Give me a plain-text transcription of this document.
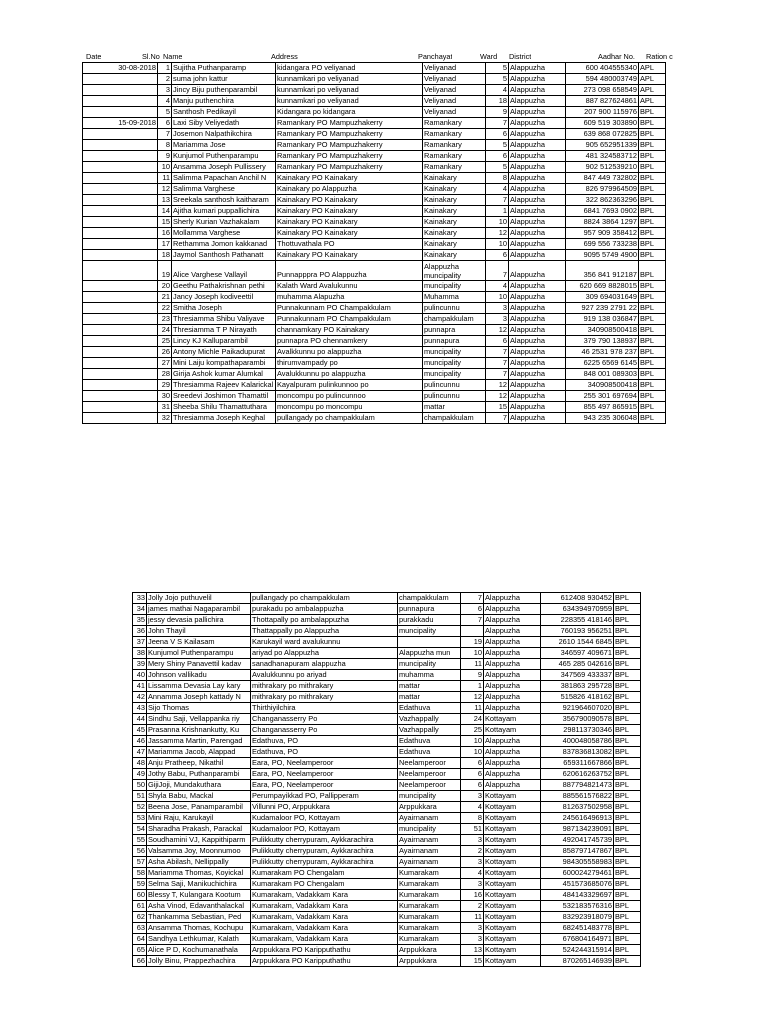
Date	Sl.No Name	Address	Panchayat	Ward District	Aadhar No. Ration c
30-08-2018	1	Sujitha Puthanparamp	kidangara PO veliyanad	Veliyanad	5	Alappuzha	600 404555340	APL
	2	suma john kattur	kunnamkari po veliyanad	Veliyanad	5	Alappuzha	594 480003749	APL
	3	Jincy Biju puthenparambil	kunnamkari po veliyanad	Veliyanad	4	Alappuzha	273 098 658549	APL
	4	Manju puthenchira	kunnamkari po veliyanad	Veliyanad	18	Alappuzha	887 827624861	APL
	5	Santhosh Pedikayil	Kidangara po kidangara	Veliyanad	9	Alappuzha	207 900 115976	BPL
15-09-2018	6	Laxi Siby Veliyedath	Ramankary PO Mampuzhakerry	Ramankary	7	Alappuzha	609 519 303890	BPL
	7	Josemon Nalpathikchira	Ramankary PO Mampuzhakerry	Ramankary	6	Alappuzha	639 868 072825	BPL
	8	Mariamma Jose	Ramankary PO Mampuzhakerry	Ramankary	5	Alappuzha	905 652951339	BPL
	9	Kunjumol Puthenparampu	Ramankary PO Mampuzhakerry	Ramankary	6	Alappuzha	481 324583712	BPL
	10	Ansamma Joseph Pullissery	Ramankary PO Mampuzhakerry	Ramankary	5	Alappuzha	902 512539210	BPL
	11	Salimma Papachan Anchil N	Kainakary PO Kainakary	Kainakary	8	Alappuzha	847 449 732802	BPL
	12	Salimma Varghese	Kainakary po Alappuzha	Kainakary	4	Alappuzha	826 979964509	BPL
	13	Sreekala santhosh kaitharam	Kainakary PO Kainakary	Kainakary	7	Alappuzha	322 862363296	BPL
	14	Ajitha kumari puppallichira	Kainakary PO Kainakary	Kainakary	1	Alappuzha	6841 7693 0902	BPL
	15	Sherly Kurian Vazhakalam	Kainakary PO Kainakary	Kainakary	10	Alappuzha	8824 3864 1297	BPL
	16	Mollamma Varghese	Kainakary PO Kainakary	Kainakary	12	Alappuzha	957 909 358412	BPL
	17	Rethamma Jomon kakkanad	Thottuvathala PO	Kainakary	10	Alappuzha	699 556 733238	BPL
	18	Jaymol Santhosh Pathanatt	Kainakary PO Kainakary	Kainakary	6	Alappuzha	9095 5749 4900	BPL
	19	Alice Varghese Vallayil	Punnapppra PO Alappuzha	Alappuzha muncipality	7	Alappuzha	356 841 912187	BPL
	20	Geethu Pathakrishnan pethi	Kalath Ward Avalukunnu	muncipality	4	Alappuzha	620 669 8828015	BPL
	21	Jancy Joseph kodiveettil	muhamma Alapuzha	Muhamma	10	Alappuzha	309 694031649	BPL
	22	Smitha Joseph	Punnakunnam PO Champakkulam	pulincunnu	3	Alappuzha	927 239 2791 22	BPL
	23	Thresiamma Shibu Valiyave	Punnakunnam PO Champakkulam	champakkulam	3	Alappuzha	919 138 036847	BPL
	24	Thresiamma T P Nirayath	channamkary PO Kainakary	punnapra	12	Alappuzha	340908500418	BPL
	25	Lincy KJ Kalluparambil	punnapra PO chennamkery	punnapura	6	Alappuzha	379 790 138937	BPL
	26	Antony Michle Paikadupurat	Avalkkunnu po alappuzha	muncipality	7	Alappuzha	46 2531 978 237	BPL
	27	Mini Laiju kompathaparambi	thirumvampady po	muncipality	7	Alappuzha	6225 6569 6145	BPL
	28	Girija Ashok kumar Alumkal	Avalukkunnu po alappuzha	muncipality	7	Alappuzha	848 001 089303	BPL
	29	Thresiamma Rajeev Kalarickal	Kayalpuram pulinkunnoo po	pulincunnu	12	Alappuzha	340908500418	BPL
	30	Sreedevi Joshimon Thamattil	moncompu po pulincunnoo	pulincunnu	12	Alappuzha	255 301 697694	BPL
	31	Sheeba Shilu Thamattuthara	moncompu po moncompu	mattar	15	Alappuzha	855 497 865915	BPL
	32	Thresiamma Joseph Keghal	pullangady po champakkulam	champakkulam	7	Alappuzha	943 235 306048	BPL
33	Jolly Jojo puthuvelil	pullangady po champakkulam	champakkulam	7	Alappuzha	612408 930452	BPL
34	james mathai Nagaparambil	purakadu po ambalappuzha	punnapura	6	Alappuzha	634394970959	BPL
35	jessy devasia pallichira	Thottapally po ambalappuzha	purakkadu	7	Alappuzha	228355 418146	BPL
36	John Thayil	Thattappally po Alappuzha	muncipality		Alappuzha	760193 956251	BPL
37	Jeena V S Kailasam	Karukayil ward avalukunnu		19	Alappuzha	2610 1544 6845	BPL
38	Kunjumol Puthenparampu	ariyad po Alappuzha	Alappuzha mun	10	Alappuzha	346597 409671	BPL
39	Mery Shiny Panavettil kadav	sanadhanapuram alappuzha	muncipality	11	Alappuzha	465 285 042616	BPL
40	Johnson vallikadu	Avalukkunnu po ariyad	muhamma	9	Alappuzha	347569 433337	BPL
41	Lissamma Devasia Lay kary	mithrakary po mithrakary	mattar	1	Alappuzha	381863 295728	BPL
42	Annamma Joseph kattady N	mithrakary po mithrakary	mattar	12	Alappuzha	515826 418162	BPL
43	Sijo Thomas	Thirthiyilchira	Edathuva	11	Alappuzha	921964607020	BPL
44	Sindhu Saji, Vellappanka riy	Changanasserry Po	Vazhappally	24	Kottayam	356790090578	BPL
45	Prasanna Krishnankutty, Ku	Changanasserry Po	Vazhappally	25	Kottayam	298113730346	BPL
46	Jassamma Martin, Parengad	Edathuva, PO	Edathuva	10	Alappuzha	400048058786	BPL
47	Mariamma Jacob, Alappad	Edathuva, PO	Edathuva	10	Alappuzha	837836813082	BPL
48	Anju Pratheep, Nikathil	Eara, PO, Neelamperoor	Neelamperoor	6	Alappuzha	659311667866	BPL
49	Jothy Babu, Puthanparambi	Eara, PO, Neelamperoor	Neelamperoor	6	Alappuzha	620616263752	BPL
50	GijiJoji, Mundakuthara	Eara, PO, Neelamperoor	Neelamperoor	6	Alappuzha	887794821473	BPL
51	Shyla Babu, Mackal	Perumpayikkad PO, Pallipperam	muncipality	3	Kottayam	885561576822	BPL
52	Beena Jose, Panamparambil	Villunni PO, Arppukkara	Arppukkara	4	Kottayam	812637502958	BPL
53	Mini Raju, Karukayil	Kudamaloor PO, Kottayam	Ayairnanam	8	Kottayam	245616496913	BPL
54	Sharadha Prakash, Parackal	Kudamaloor PO, Kottayam	muncipality	51	Kottayam	987134239091	BPL
55	Soudhamini VJ, Kappithiparm	Pulikkutty cherrypuram, Aykkarachira	Ayairnanam	3	Kottayam	492041745739	BPL
56	Valsamma Joy, Moonnumoo	Pulikkutty cherrypuram, Aykkarachira	Ayairnanam	2	Kottayam	858797147867	BPL
57	Asha Abilash, Nellippally	Pulikkutty cherrypuram, Aykkarachira	Ayairnanam	3	Kottayam	984305558983	BPL
58	Mariamma Thomas, Koyickal	Kumarakam PO Chengalam	Kumarakam	4	Kottayam	600024279461	BPL
59	Selma Saji, Manikuchichira	Kumarakam PO Chengalam	Kumarakam	3	Kottayam	451573685076	BPL
60	Blessy T, Kulangara Kootum	Kumarakam, Vadakkam Kara	Kumarakam	16	Kottayam	484143329697	BPL
61	Asha Vinod, Edavanthalackal	Kumarakam, Vadakkam Kara	Kumarakam	2	Kottayam	532183576316	BPL
62	Thankamma Sebastian, Ped	Kumarakam, Vadakkam Kara	Kumarakam	11	Kottayam	832923918079	BPL
63	Ansamma Thomas, Kochupu	Kumarakam, Vadakkam Kara	Kumarakam	3	Kottayam	682451483778	BPL
64	Sandhya Lethkumar, Kalath	Kumarakam, Vadakkam Kara	Kumarakam	3	Kottayam	676804164971	BPL
65	Alice P D, Kochumanathala	Arppukkara PO Karipputhathu	Arppukkara	13	Kottayam	524244315914	BPL
66	Jolly Binu, Prappezhachira	Arppukkara PO Karipputhathu	Arppukkara	15	Kottayam	870265146939	BPL
